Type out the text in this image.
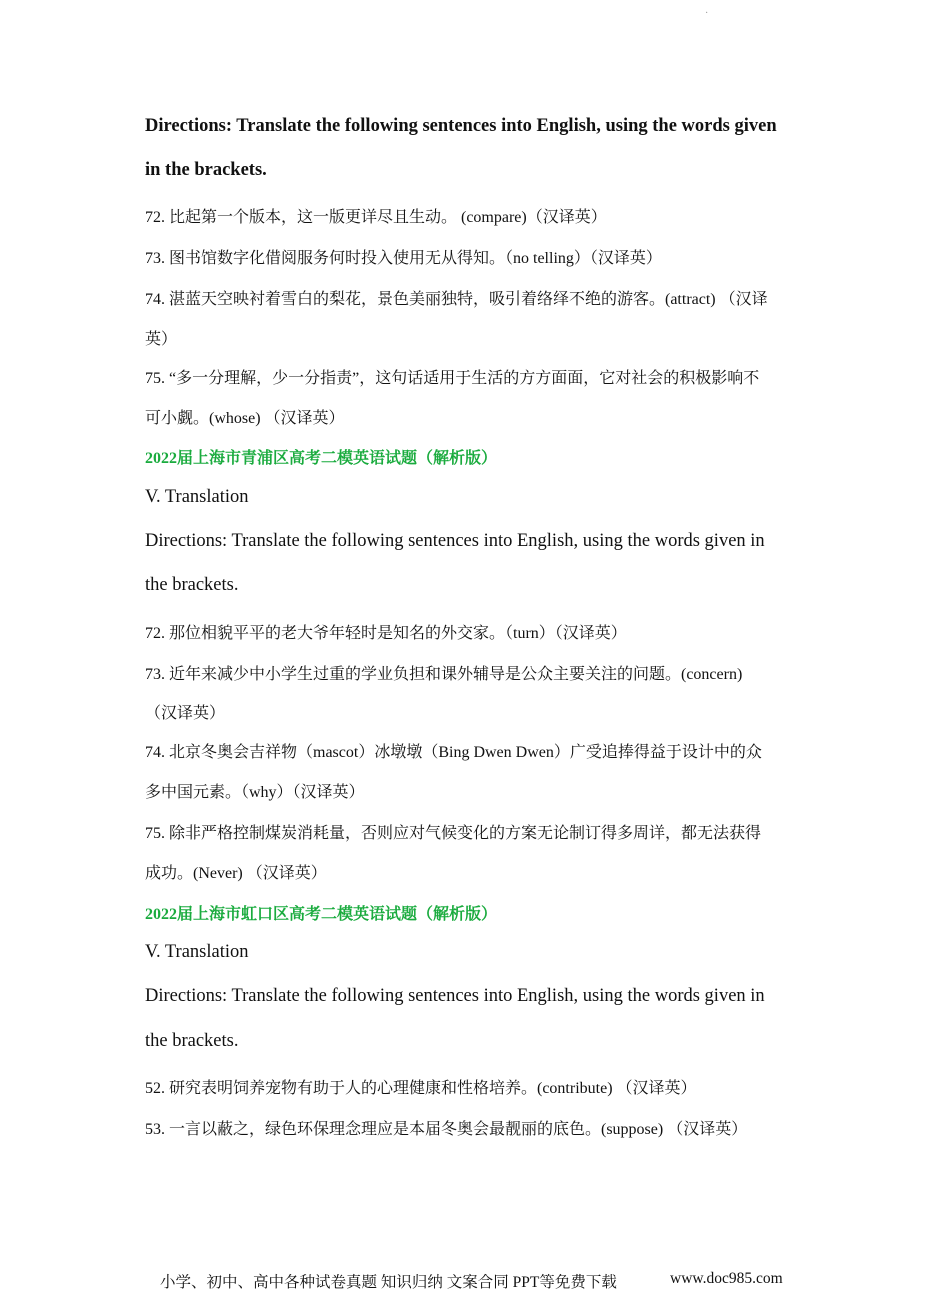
·
Directions: Translate the following sentences into English, using the words given
in the brackets.
72. 比起第一个版本，这一版更详尽且生动。 (compare)（汉译英）
73. 图书馆数字化借阅服务何时投入使用无从得知。（no telling）（汉译英）
74. 湛蓝天空映衬着雪白的梨花，景色美丽独特，吸引着络绎不绝的游客。(attract) （汉译
英）
75. “多一分理解，少一分指责”，这句话适用于生活的方方面面，它对社会的积极影响不
可小觑。(whose) （汉译英）
2022届上海市青浦区高考二模英语试题（解析版）
V. Translation
Directions: Translate the following sentences into English, using the words given in
the brackets.
72. 那位相貌平平的老大爷年轻时是知名的外交家。（turn）（汉译英）
73. 近年来减少中小学生过重的学业负担和课外辅导是公众主要关注的问题。(concern)
（汉译英）
74. 北京冬奥会吉祥物（mascot）冰墩墩（Bing Dwen Dwen）广受追捧得益于设计中的众
多中国元素。（why）（汉译英）
75. 除非严格控制煤炭消耗量，否则应对气候变化的方案无论制订得多周详，都无法获得
成功。(Never) （汉译英）
2022届上海市虹口区高考二模英语试题（解析版）
V. Translation
Directions: Translate the following sentences into English, using the words given in
the brackets.
52. 研究表明饲养宠物有助于人的心理健康和性格培养。(contribute) （汉译英）
53. 一言以蔽之，绿色环保理念理应是本届冬奥会最靓丽的底色。(suppose) （汉译英）
小学、初中、高中各种试卷真题 知识归纳 文案合同 PPT等免费下载	www.doc985.com
